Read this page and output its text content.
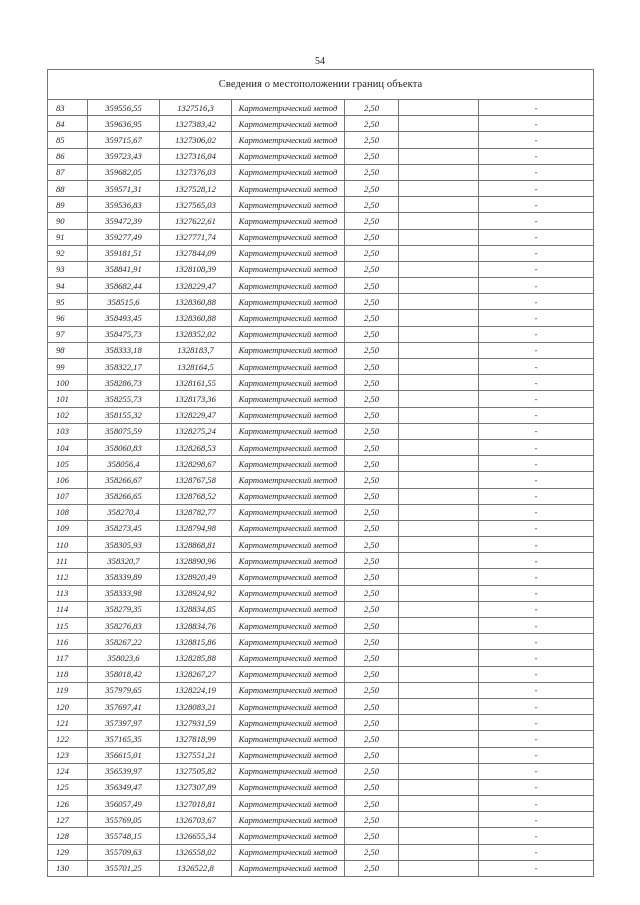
54
Сведения о местоположении границ объекта						
83	359556,55	1327516,3	Картометрический метод	2,50		-
84	359636,95	1327383,42	Картометрический метод	2,50		-
85	359715,67	1327306,02	Картометрический метод	2,50		-
86	359723,43	1327316,04	Картометрический метод	2,50		-
87	359682,05	1327376,03	Картометрический метод	2,50		-
88	359571,31	1327528,12	Картометрический метод	2,50		-
89	359536,83	1327565,03	Картометрический метод	2,50		-
90	359472,39	1327622,61	Картометрический метод	2,50		-
91	359277,49	1327771,74	Картометрический метод	2,50		-
92	359181,51	1327844,09	Картометрический метод	2,50		-
93	358841,91	1328108,39	Картометрический метод	2,50		-
94	358682,44	1328229,47	Картометрический метод	2,50		-
95	358515,6	1328360,88	Картометрический метод	2,50		-
96	358493,45	1328360,88	Картометрический метод	2,50		-
97	358475,73	1328352,02	Картометрический метод	2,50		-
98	358333,18	1328183,7	Картометрический метод	2,50		-
99	358322,17	1328164,5	Картометрический метод	2,50		-
100	358286,73	1328161,55	Картометрический метод	2,50		-
101	358255,73	1328173,36	Картометрический метод	2,50		-
102	358155,32	1328229,47	Картометрический метод	2,50		-
103	358075,59	1328275,24	Картометрический метод	2,50		-
104	358060,83	1328268,53	Картометрический метод	2,50		-
105	358056,4	1328298,67	Картометрический метод	2,50		-
106	358266,67	1328767,58	Картометрический метод	2,50		-
107	358266,65	1328768,52	Картометрический метод	2,50		-
108	358270,4	1328782,77	Картометрический метод	2,50		-
109	358273,45	1328794,98	Картометрический метод	2,50		-
110	358305,93	1328868,81	Картометрический метод	2,50		-
111	358320,7	1328890,96	Картометрический метод	2,50		-
112	358339,89	1328920,49	Картометрический метод	2,50		-
113	358333,98	1328924,92	Картометрический метод	2,50		-
114	358279,35	1328834,85	Картометрический метод	2,50		-
115	358276,83	1328834,76	Картометрический метод	2,50		-
116	358267,22	1328815,86	Картометрический метод	2,50		-
117	358023,6	1328285,88	Картометрический метод	2,50		-
118	358018,42	1328267,27	Картометрический метод	2,50		-
119	357979,65	1328224,19	Картометрический метод	2,50		-
120	357697,41	1328083,21	Картометрический метод	2,50		-
121	357397,97	1327931,59	Картометрический метод	2,50		-
122	357165,35	1327818,99	Картометрический метод	2,50		-
123	356615,01	1327551,21	Картометрический метод	2,50		-
124	356539,97	1327505,82	Картометрический метод	2,50		-
125	356349,47	1327307,89	Картометрический метод	2,50		-
126	356057,49	1327018,81	Картометрический метод	2,50		-
127	355769,05	1326703,67	Картометрический метод	2,50		-
128	355748,15	1326655,34	Картометрический метод	2,50		-
129	355709,63	1326558,02	Картометрический метод	2,50		-
130	355701,25	1326522,8	Картометрический метод	2,50		-
